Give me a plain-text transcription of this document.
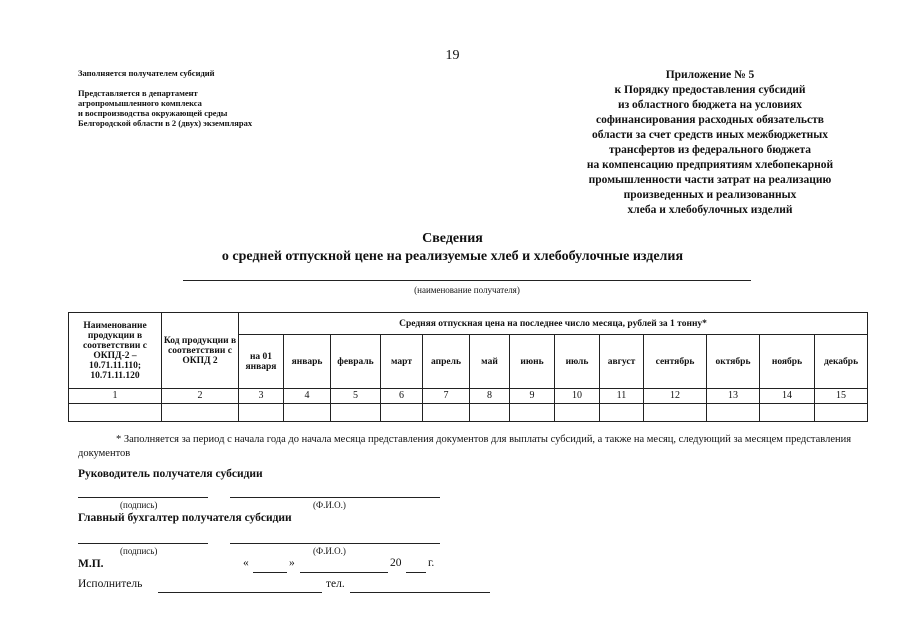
19
Заполняется получателем субсидий
Представляется в департамент
агропромышленного комплекса
и воспроизводства окружающей среды
Белгородской области в 2 (двух) экземплярах
Приложение № 5
к Порядку предоставления субсидий
из областного бюджета на условиях
софинансирования расходных обязательств
области за счет средств иных межбюджетных
трансфертов из федерального бюджета
на компенсацию предприятиям хлебопекарной
промышленности части затрат на реализацию
произведенных и реализованных
хлеба и хлебобулочных изделий
Сведения
о средней отпускной цене на реализуемые хлеб и хлебобулочные изделия
(наименование получателя)
Наименование продукции в соответствии с ОКПД-2 – 10.71.11.110; 10.71.11.120	Код продукции в соответствии с ОКПД 2	Средняя отпускная цена на последнее число месяца, рублей за 1 тонну*												
		на 01 января	январь	февраль	март	апрель	май	июнь	июль	август	сентябрь	октябрь	ноябрь	декабрь
1	2	3	4	5	6	7	8	9	10	11	12	13	14	15

* Заполняется за период с начала года до начала месяца представления документов для выплаты субсидий, а также на месяц, следующий за месяцем представления документов
Руководитель получателя субсидии
(подпись)	(Ф.И.О.)
Главный бухгалтер получателя субсидии
(подпись)	(Ф.И.О.)
М.П.	«	»	20 г.
Исполнитель	тел.
